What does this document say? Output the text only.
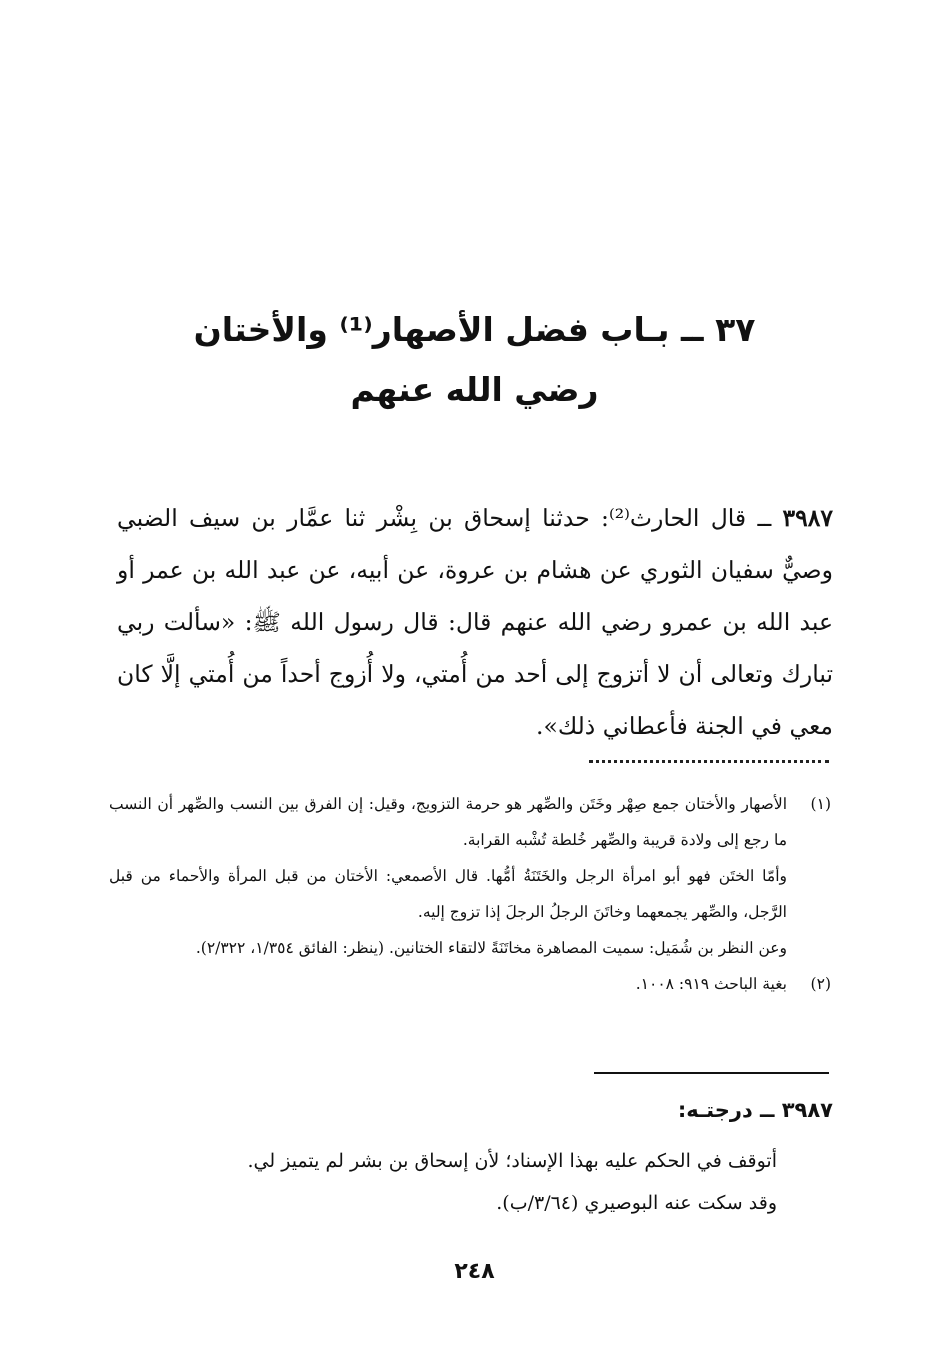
٣٧ ــ بـاب فضل الأصهار⁽¹⁾ والأختان
رضي الله عنهم

٣٩٨٧ ــ قال الحارث⁽²⁾: حدثنا إسحاق بن بِشْر ثنا عمَّار بن سيف الضبي وصيٌّ سفيان الثوري عن هشام بن عروة، عن أبيه، عن عبد الله بن عمر أو عبد الله بن عمرو رضي الله عنهم قال: قال رسول الله ﷺ: «سألت ربي تبارك وتعالى أن لا أتزوج إلى أحد من أُمتي، ولا أُزوج أحداً من أُمتي إلَّا كان معي في الجنة فأعطاني ذلك».

(١)
الأصهار والأختان جمع صِهْر وخَتَن والصِّهر هو حرمة التزويج، وقيل: إن الفرق بين النسب والصِّهر أن النسب ما رجع إلى ولادة قريبة والصِّهر خُلطة تُشْبه القرابة.
وأمّا الختَن فهو أبو امرأة الرجل والخَتَنَةُ أمُّها. قال الأصمعي: الأختان من قبل المرأة والأحماء من قبل الرَّجل، والصِّهر يجمعهما وخاتَنَ الرجلُ الرجلَ إذا تزوج إليه.
وعن النظر بن شُمَيل: سميت المصاهرة مخاتَنَةً لالتقاء الختانين. (ينظر: الفائق ١/٣٥٤، ٢/٣٢٢).
(٢)
بغية الباحث ٩١٩: ١٠٠٨.
٣٩٨٧ ــ درجتـه:
أتوقف في الحكم عليه بهذا الإسناد؛ لأن إسحاق بن بشر لم يتميز لي.
وقد سكت عنه البوصيري (٣/٦٤/ب).
٢٤٨
